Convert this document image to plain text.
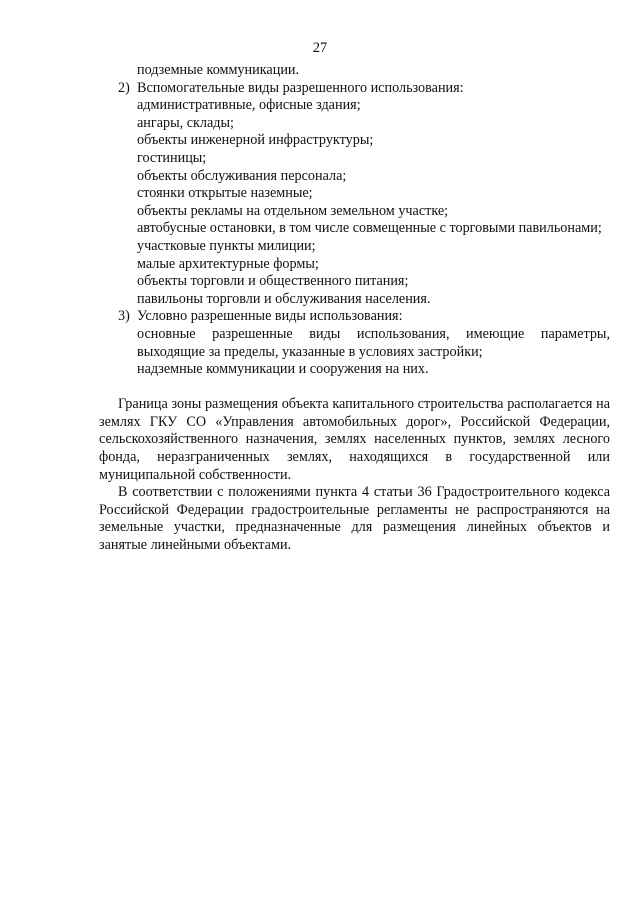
27
подземные коммуникации.
2) Вспомогательные виды разрешенного использования:
административные, офисные здания;
ангары, склады;
объекты инженерной инфраструктуры;
гостиницы;
объекты обслуживания персонала;
стоянки открытые наземные;
объекты рекламы на отдельном земельном участке;
автобусные остановки, в том числе совмещенные с торговыми павильонами;
участковые пункты милиции;
малые архитектурные формы;
объекты торговли и общественного питания;
павильоны торговли и обслуживания населения.
3) Условно разрешенные виды использования:
основные разрешенные виды использования, имеющие параметры, выходящие за пределы, указанные в условиях застройки;
надземные коммуникации и сооружения на них.
Граница зоны размещения объекта капитального строительства располагается на землях ГКУ СО «Управления автомобильных дорог», Российской Федерации, сельскохозяйственного назначения, землях населенных пунктов, землях лесного фонда, неразграниченных землях, находящихся в государственной или муниципальной собственности.
В соответствии с положениями пункта 4 статьи 36 Градостроительного кодекса Российской Федерации градостроительные регламенты не распространяются на земельные участки, предназначенные для размещения линейных объектов и занятые линейными объектами.
